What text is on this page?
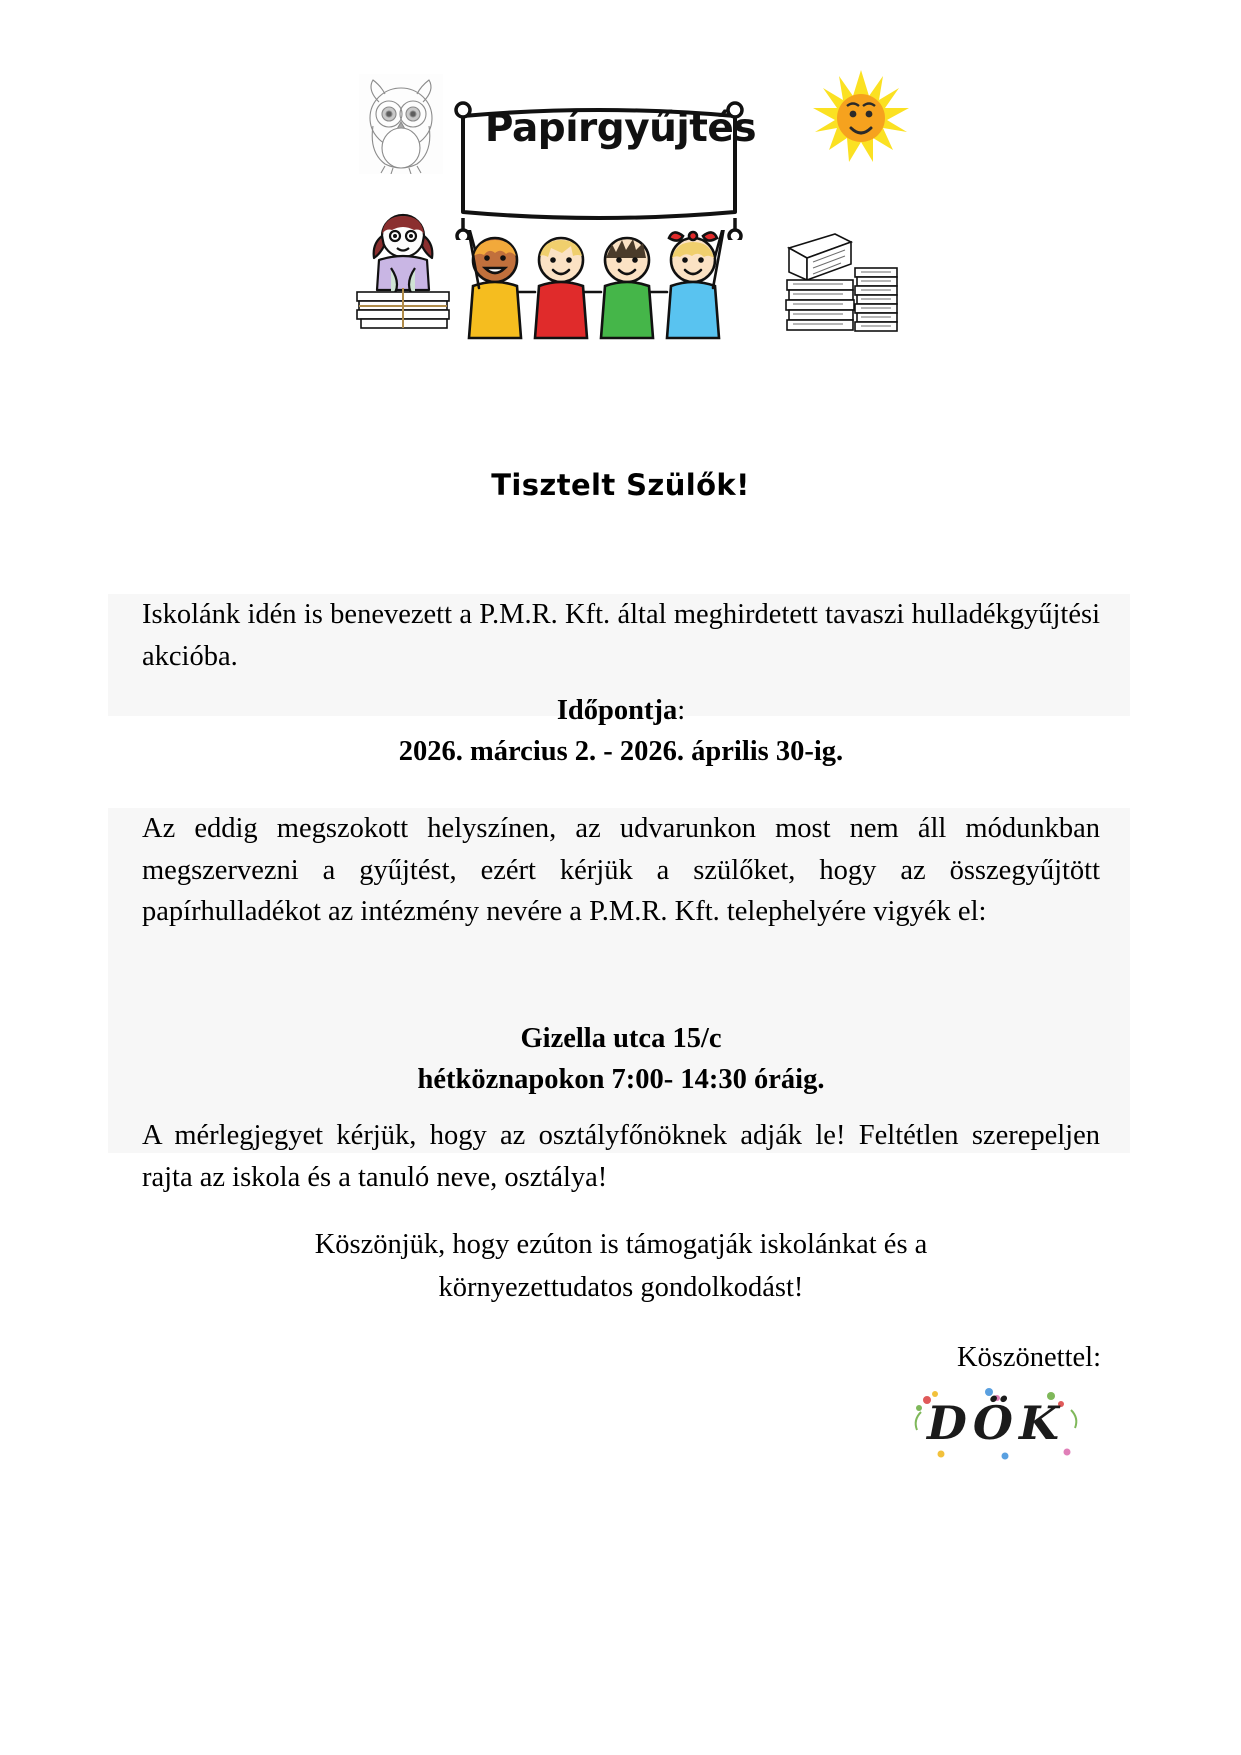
Papírgyűjtés
Tisztelt Szülők!
Iskolánk idén is benevezett a P.M.R. Kft. által meghirdetett tavaszi hulladékgyűjtési akcióba.
Időpontja:
2026. március 2. - 2026. április 30-ig.
Az eddig megszokott helyszínen, az udvarunkon most nem áll módunkban megszervezni a gyűjtést, ezért kérjük a szülőket, hogy az összegyűjtött papírhulladékot az intézmény nevére a P.M.R. Kft. telephelyére vigyék el:
Gizella utca 15/c
hétköznapokon 7:00- 14:30 óráig.
A mérlegjegyet kérjük, hogy az osztályfőnöknek adják le! Feltétlen szerepeljen rajta az iskola és a tanuló neve, osztálya!
Köszönjük, hogy ezúton is támogatják iskolánkat és a
környezettudatos gondolkodást!
Köszönettel:
DÖK
